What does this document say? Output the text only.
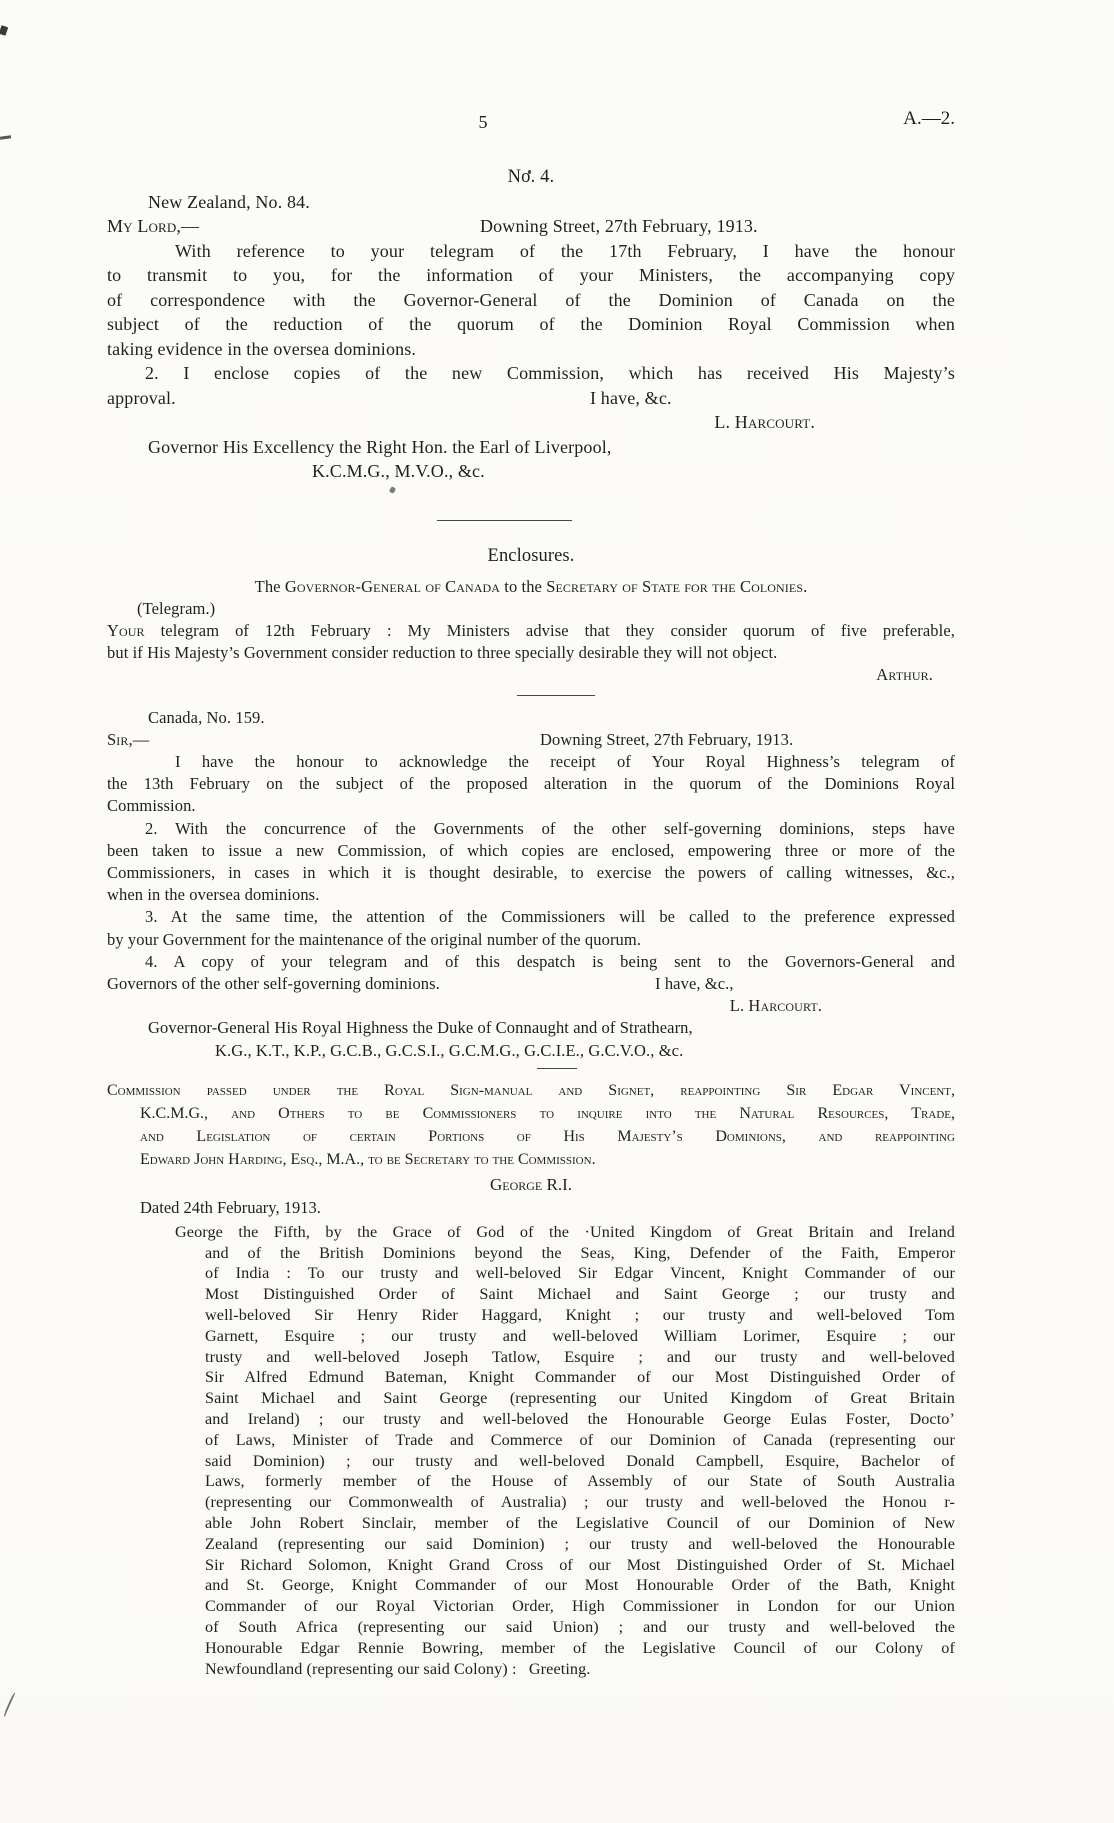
5	A.—2.
No. 4.
New Zealand, No. 84.
My Lord,—	Downing Street, 27th February, 1913.
With reference to your telegram of the 17th February, I have the honour
to transmit to you, for the information of your Ministers, the accompanying copy
of correspondence with the Governor-General of the Dominion of Canada on the
subject of the reduction of the quorum of the Dominion Royal Commission when
taking evidence in the oversea dominions.
2. I enclose copies of the new Commission, which has received His Majesty’s
approval.	I have, &c.
L. Harcourt.
Governor His Excellency the Right Hon. the Earl of Liverpool,
K.C.M.G., M.V.O., &c.
Enclosures.
The Governor-General of Canada to the Secretary of State for the Colonies.
(Telegram.)
Your telegram of 12th February : My Ministers advise that they consider quorum of five preferable,
but if His Majesty’s Government consider reduction to three specially desirable they will not object.
Arthur.
Canada, No. 159.
Sir,—	Downing Street, 27th February, 1913.
I have the honour to acknowledge the receipt of Your Royal Highness’s telegram of
the 13th February on the subject of the proposed alteration in the quorum of the Dominions Royal
Commission.
2. With the concurrence of the Governments of the other self-governing dominions, steps have
been taken to issue a new Commission, of which copies are enclosed, empowering three or more of the
Commissioners, in cases in which it is thought desirable, to exercise the powers of calling witnesses, &c.,
when in the oversea dominions.
3. At the same time, the attention of the Commissioners will be called to the preference expressed
by your Government for the maintenance of the original number of the quorum.
4. A copy of your telegram and of this despatch is being sent to the Governors-General and
Governors of the other self-governing dominions.	I have, &c.,
L. Harcourt.
Governor-General His Royal Highness the Duke of Connaught and of Strathearn,
K.G., K.T., K.P., G.C.B., G.C.S.I., G.C.M.G., G.C.I.E., G.C.V.O., &c.
Commission passed under the Royal Sign-manual and Signet, reappointing Sir Edgar Vincent,
K.C.M.G., and Others to be Commissioners to inquire into the Natural Resources, Trade,
and Legislation of certain Portions of His Majesty’s Dominions, and reappointing
Edward John Harding, Esq., M.A., to be Secretary to the Commission.
George R.I.
Dated 24th February, 1913.
George the Fifth, by the Grace of God of the ·United Kingdom of Great Britain and Ireland
and of the British Dominions beyond the Seas, King, Defender of the Faith, Emperor
of India : To our trusty and well-beloved Sir Edgar Vincent, Knight Commander of our
Most Distinguished Order of Saint Michael and Saint George ; our trusty and
well-beloved Sir Henry Rider Haggard, Knight ; our trusty and well-beloved Tom
Garnett, Esquire ; our trusty and well-beloved William Lorimer, Esquire ; our
trusty and well-beloved Joseph Tatlow, Esquire ; and our trusty and well-beloved
Sir Alfred Edmund Bateman, Knight Commander of our Most Distinguished Order of
Saint Michael and Saint George (representing our United Kingdom of Great Britain
and Ireland) ; our trusty and well-beloved the Honourable George Eulas Foster, Docto’
of Laws, Minister of Trade and Commerce of our Dominion of Canada (representing our
said Dominion) ; our trusty and well-beloved Donald Campbell, Esquire, Bachelor of
Laws, formerly member of the House of Assembly of our State of South Australia
(representing our Commonwealth of Australia) ; our trusty and well-beloved the Honou r-
able John Robert Sinclair, member of the Legislative Council of our Dominion of New
Zealand (representing our said Dominion) ; our trusty and well-beloved the Honourable
Sir Richard Solomon, Knight Grand Cross of our Most Distinguished Order of St. Michael
and St. George, Knight Commander of our Most Honourable Order of the Bath, Knight
Commander of our Royal Victorian Order, High Commissioner in London for our Union
of South Africa (representing our said Union) ; and our trusty and well-beloved the
Honourable Edgar Rennie Bowring, member of the Legislative Council of our Colony of
Newfoundland (representing our said Colony) :  Greeting.
